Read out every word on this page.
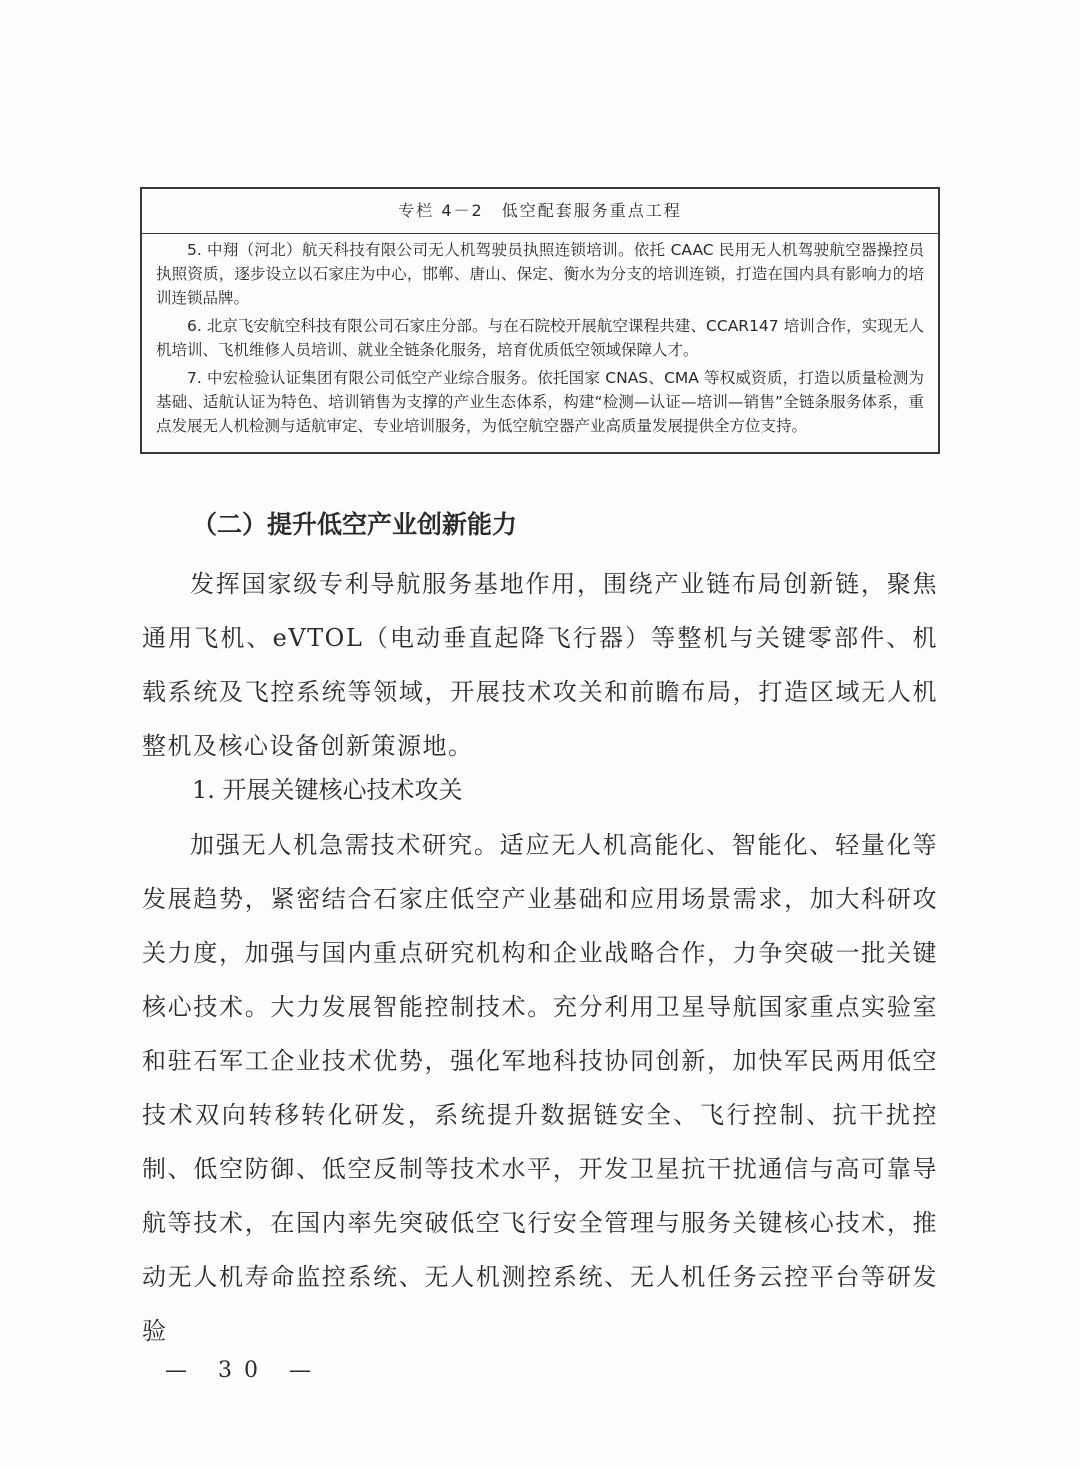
专栏 4－2　低空配套服务重点工程

5. 中翔（河北）航天科技有限公司无人机驾驶员执照连锁培训。依托 CAAC 民用无人机驾驶航空器操控员执照资质，逐步设立以石家庄为中心，邯郸、唐山、保定、衡水为分支的培训连锁，打造在国内具有影响力的培训连锁品牌。

6. 北京飞安航空科技有限公司石家庄分部。与在石院校开展航空课程共建、CCAR147 培训合作，实现无人机培训、飞机维修人员培训、就业全链条化服务，培育优质低空领域保障人才。

7. 中宏检验认证集团有限公司低空产业综合服务。依托国家 CNAS、CMA 等权威资质，打造以质量检测为基础、适航认证为特色、培训销售为支撑的产业生态体系，构建“检测—认证—培训—销售”全链条服务体系，重点发展无人机检测与适航审定、专业培训服务，为低空航空器产业高质量发展提供全方位支持。

（二）提升低空产业创新能力

发挥国家级专利导航服务基地作用，围绕产业链布局创新链，聚焦通用飞机、eVTOL（电动垂直起降飞行器）等整机与关键零部件、机载系统及飞控系统等领域，开展技术攻关和前瞻布局，打造区域无人机整机及核心设备创新策源地。

1. 开展关键核心技术攻关

加强无人机急需技术研究。适应无人机高能化、智能化、轻量化等发展趋势，紧密结合石家庄低空产业基础和应用场景需求，加大科研攻关力度，加强与国内重点研究机构和企业战略合作，力争突破一批关键核心技术。大力发展智能控制技术。充分利用卫星导航国家重点实验室和驻石军工企业技术优势，强化军地科技协同创新，加快军民两用低空技术双向转移转化研发，系统提升数据链安全、飞行控制、抗干扰控制、低空防御、低空反制等技术水平，开发卫星抗干扰通信与高可靠导航等技术，在国内率先突破低空飞行安全管理与服务关键核心技术，推动无人机寿命监控系统、无人机测控系统、无人机任务云控平台等研发验

— 30 —
